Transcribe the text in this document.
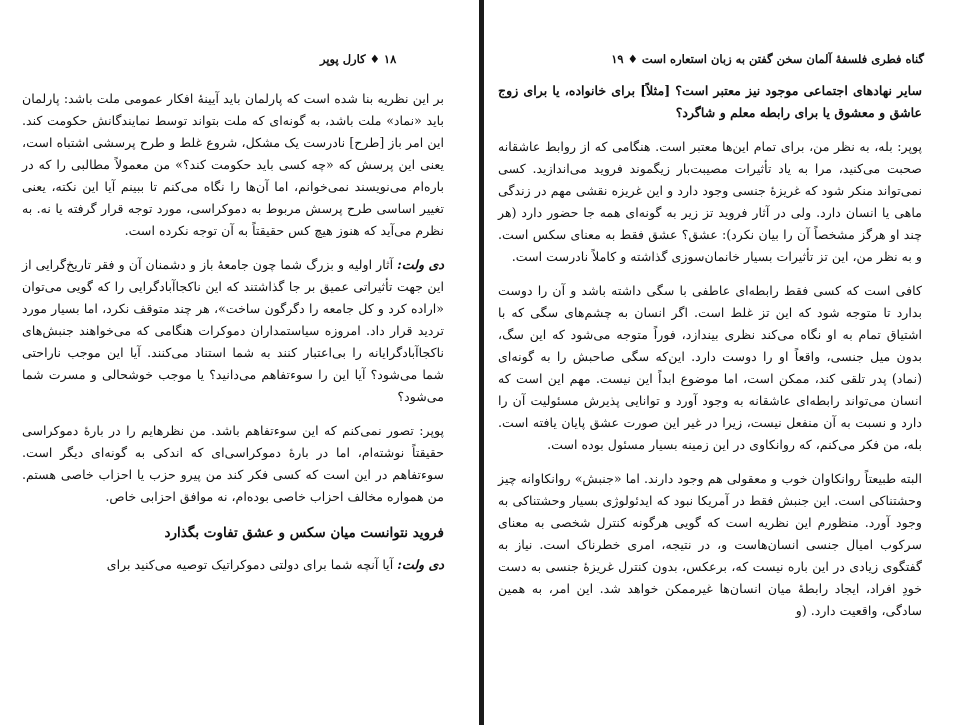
۱۸ ♦ کارل پوپر

بر این نظریه بنا شده است که پارلمان باید آیینهٔ افکار عمومی ملت باشد: پارلمان باید «نماد» ملت باشد، به گونه‌ای که ملت بتواند توسط نمایندگانش حکومت کند. این امر باز [طرح] نادرست یک مشکل، شروع غلط و طرح پرسشی اشتباه است، یعنی این پرسش که «چه کسی باید حکومت کند؟» من معمولاً مطالبی را که در باره‌ام می‌نویسند نمی‌خوانم، اما آن‌ها را نگاه می‌کنم تا ببینم آیا این نکته، یعنی تغییر اساسی طرح پرسش مربوط به دموکراسی، مورد توجه قرار گرفته یا نه. به نظرم می‌آید که هنوز هیچ کس حقیقتاً به آن توجه نکرده است.

دی ولت: آثار اولیه و بزرگ شما چون جامعهٔ باز و دشمنان آن و فقر تاریخ‌گرایی از این جهت تأثیراتی عمیق بر جا گذاشتند که این ناکجاآبادگرایی را که گویی می‌توان «اراده کرد و کل جامعه را دگرگون ساخت»، هر چند متوقف نکرد، اما بسیار مورد تردید قرار داد. امروزه سیاستمداران دموکرات هنگامی که می‌خواهند جنبش‌های ناکجاآبادگرایانه را بی‌اعتبار کنند به شما استناد می‌کنند. آیا این موجب ناراحتی شما می‌شود؟ آیا این را سوءتفاهم می‌دانید؟ یا موجب خوشحالی و مسرت شما می‌شود؟

پوپر: تصور نمی‌کنم که این سوءتفاهم باشد. من نظرهایم را در بارهٔ دموکراسی حقیقتاً نوشته‌ام، اما در بارهٔ دموکراسی‌ای که اندکی به گونه‌ای دیگر است. سوءتفاهم در این است که کسی فکر کند من پیرو حزب یا احزاب خاصی هستم. من همواره مخالف احزاب خاصی بوده‌ام، نه موافق احزابی خاص.

فروید نتوانست میان سکس و عشق تفاوت بگذارد

دی ولت: آیا آنچه شما برای دولتی دموکراتیک توصیه می‌کنید برای

گناه فطری فلسفهٔ آلمان سخن گفتن به زبان استعاره است ♦ ۱۹

سایر نهادهای اجتماعی موجود نیز معتبر است؟ [مثلاً] برای خانواده، یا برای زوج عاشق و معشوق یا برای رابطه معلم و شاگرد؟

پوپر: بله، به نظر من، برای تمام این‌ها معتبر است. هنگامی که از روابط عاشقانه صحبت می‌کنید، مرا به یاد تأثیرات مصیبت‌بار زیگموند فروید می‌اندازید. کسی نمی‌تواند منکر شود که غریزهٔ جنسی وجود دارد و این غریزه نقشی مهم در زندگی ماهی یا انسان دارد. ولی در آثار فروید تز زیر به گونه‌ای همه جا حضور دارد (هر چند او هرگز مشخصاً آن را بیان نکرد): عشق؟ عشق فقط به معنای سکس است. و به نظر من، این تز تأثیرات بسیار خانمان‌سوزی گذاشته و کاملاً نادرست است.

کافی است که کسی فقط رابطه‌ای عاطفی با سگی داشته باشد و آن را دوست بدارد تا متوجه شود که این تز غلط است. اگر انسان به چشم‌های سگی که با اشتیاق تمام به او نگاه می‌کند نظری بیندازد، فوراً متوجه می‌شود که این سگ، بدون میل جنسی، واقعاً او را دوست دارد. این‌که سگی صاحبش را به گونه‌ای (نماد) پدر تلقی کند، ممکن است، اما موضوع ابداً این نیست. مهم این است که انسان می‌تواند رابطه‌ای عاشقانه به وجود آورد و توانایی پذیرش مسئولیت آن را دارد و نسبت به آن منفعل نیست، زیرا در غیر این صورت عشق پایان یافته است. بله، من فکر می‌کنم، که روانکاوی در این زمینه بسیار مسئول بوده است.

البته طبیعتاً روانکاوان خوب و معقولی هم وجود دارند. اما «جنبش» روانکاوانه چیز وحشتناکی است. این جنبش فقط در آمریکا نبود که ایدئولوژی بسیار وحشتناکی به وجود آورد. منظورم این نظریه است که گویی هرگونه کنترل شخصی به معنای سرکوب امیال جنسی انسان‌هاست و، در نتیجه، امری خطرناک است. نیاز به گفتگوی زیادی در این باره نیست که، برعکس، بدون کنترل غریزهٔ جنسی به دست خودِ افراد، ایجاد رابطهٔ میان انسان‌ها غیرممکن خواهد شد. این امر، به همین سادگی، واقعیت دارد. (و
